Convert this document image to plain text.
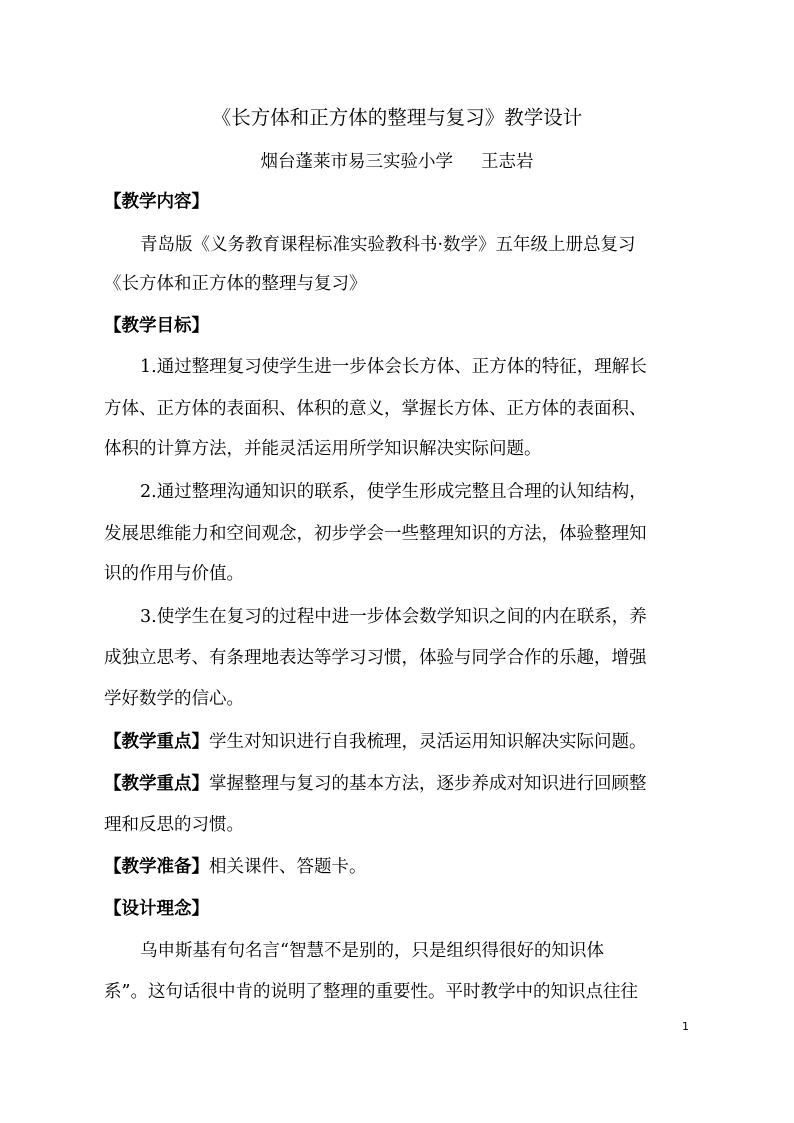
《长方体和正方体的整理与复习》教学设计
烟台蓬莱市易三实验小学 王志岩
【教学内容】
青岛版《义务教育课程标准实验教科书·数学》五年级上册总复习
《长方体和正方体的整理与复习》
【教学目标】
1.通过整理复习使学生进一步体会长方体、正方体的特征，理解长
方体、正方体的表面积、体积的意义，掌握长方体、正方体的表面积、
体积的计算方法，并能灵活运用所学知识解决实际问题。
2.通过整理沟通知识的联系，使学生形成完整且合理的认知结构，
发展思维能力和空间观念，初步学会一些整理知识的方法，体验整理知
识的作用与价值。
3.使学生在复习的过程中进一步体会数学知识之间的内在联系，养
成独立思考、有条理地表达等学习习惯，体验与同学合作的乐趣，增强
学好数学的信心。
【教学重点】学生对知识进行自我梳理，灵活运用知识解决实际问题。
【教学重点】掌握整理与复习的基本方法，逐步养成对知识进行回顾整
理和反思的习惯。
【教学准备】相关课件、答题卡。
【设计理念】
乌申斯基有句名言“智慧不是别的，只是组织得很好的知识体
系”。这句话很中肯的说明了整理的重要性。平时教学中的知识点往往
1
